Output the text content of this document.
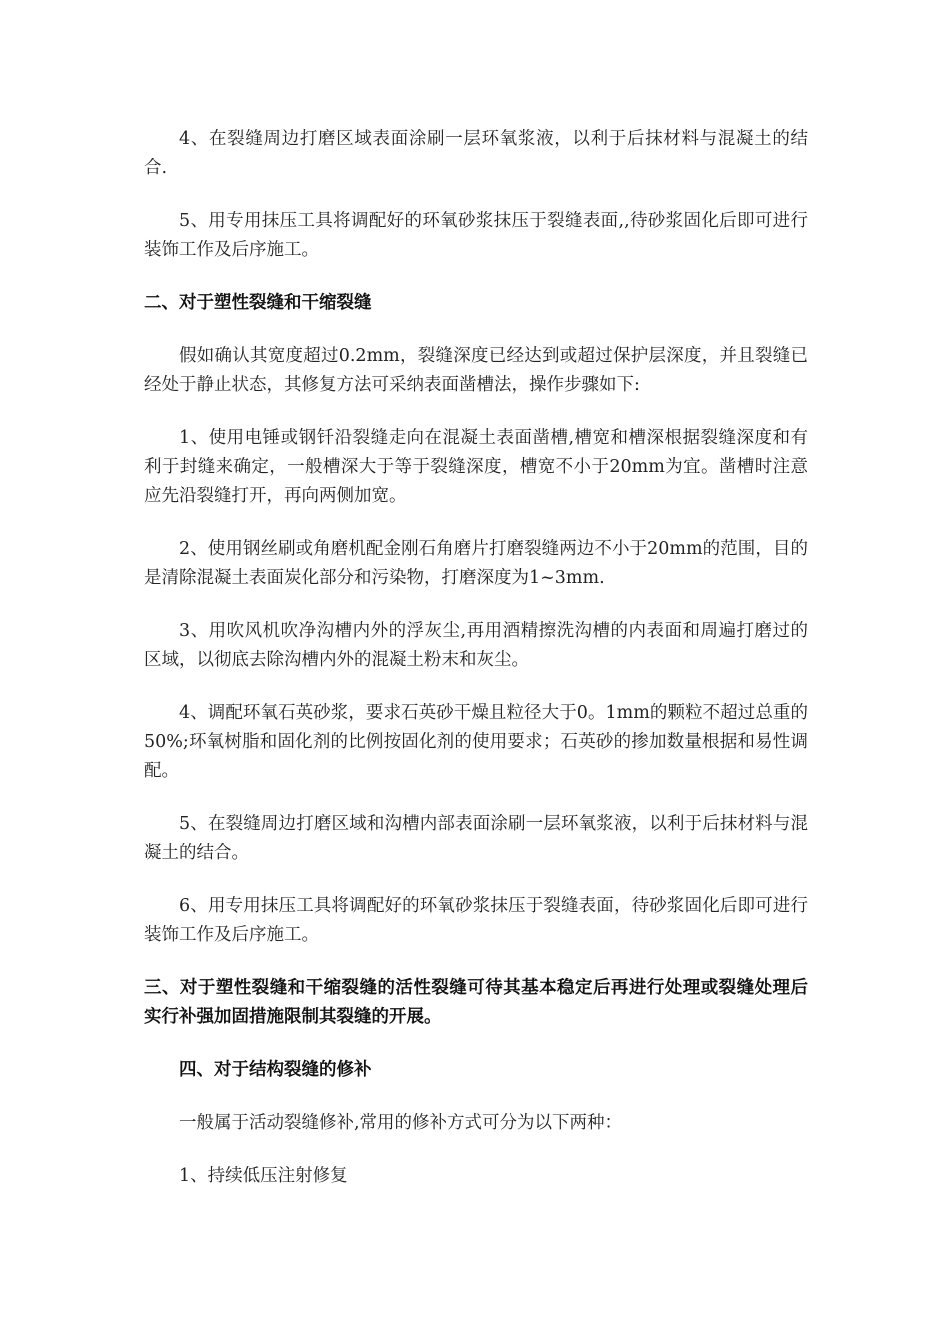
4、在裂缝周边打磨区域表面涂刷一层环氧浆液，以利于后抹材料与混凝土的结合.

5、用专用抹压工具将调配好的环氧砂浆抹压于裂缝表面,,待砂浆固化后即可进行装饰工作及后序施工。

二、对于塑性裂缝和干缩裂缝

假如确认其宽度超过0.2mm，裂缝深度已经达到或超过保护层深度，并且裂缝已经处于静止状态，其修复方法可采纳表面凿槽法，操作步骤如下:

1、使用电锤或钢钎沿裂缝走向在混凝土表面凿槽,槽宽和槽深根据裂缝深度和有利于封缝来确定，一般槽深大于等于裂缝深度，槽宽不小于20mm为宜。凿槽时注意应先沿裂缝打开，再向两侧加宽。

2、使用钢丝刷或角磨机配金刚石角磨片打磨裂缝两边不小于20mm的范围，目的是清除混凝土表面炭化部分和污染物，打磨深度为1~3mm.

3、用吹风机吹净沟槽内外的浮灰尘,再用酒精擦洗沟槽的内表面和周遍打磨过的区域，以彻底去除沟槽内外的混凝土粉末和灰尘。

4、调配环氧石英砂浆，要求石英砂干燥且粒径大于0。1mm的颗粒不超过总重的50%;环氧树脂和固化剂的比例按固化剂的使用要求；石英砂的掺加数量根据和易性调配。

5、在裂缝周边打磨区域和沟槽内部表面涂刷一层环氧浆液，以利于后抹材料与混凝土的结合。

6、用专用抹压工具将调配好的环氧砂浆抹压于裂缝表面，待砂浆固化后即可进行装饰工作及后序施工。

三、对于塑性裂缝和干缩裂缝的活性裂缝可待其基本稳定后再进行处理或裂缝处理后实行补强加固措施限制其裂缝的开展。

四、对于结构裂缝的修补

一般属于活动裂缝修补,常用的修补方式可分为以下两种：

1、持续低压注射修复
